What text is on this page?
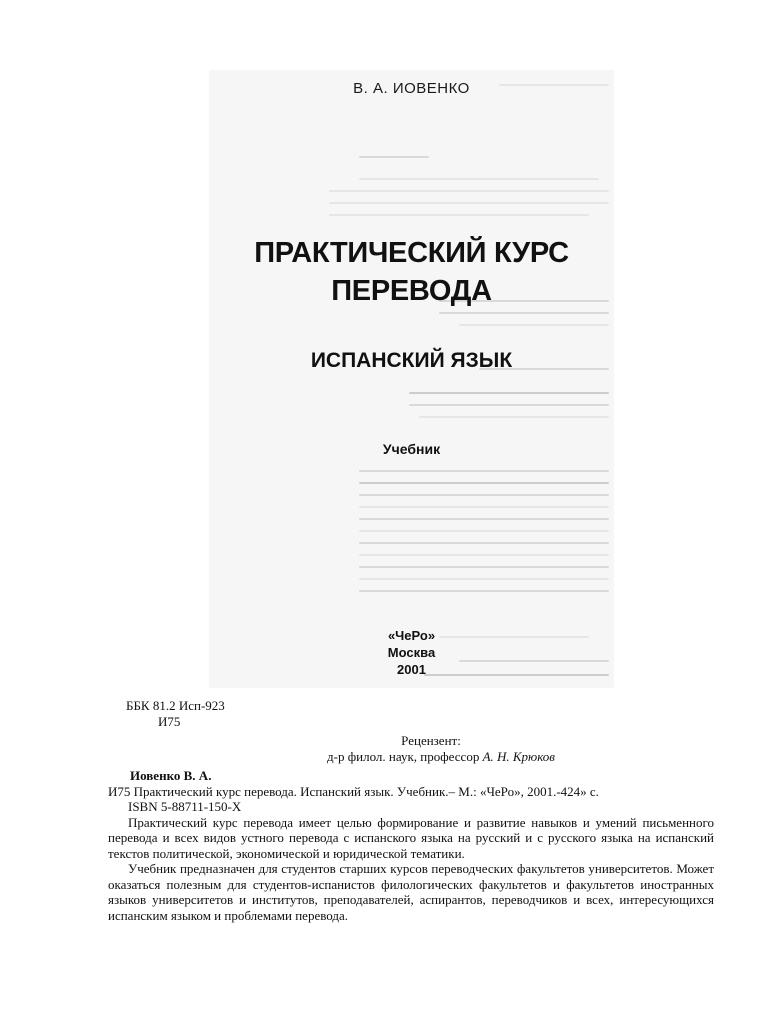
В. А. ИОВЕНКО
ПРАКТИЧЕСКИЙ КУРС
ПЕРЕВОДА
ИСПАНСКИЙ ЯЗЫК
Учебник
«ЧеРо»
Москва
2001
ББК 81.2 Исп-923
И75
Рецензент:
д-р филол. наук, профессор А. Н. Крюков
Иовенко В. А.
И75 Практический курс перевода. Испанский язык. Учебник.– М.: «ЧеРо», 2001.-424» с.
ISBN 5-88711-150-X
Практический курс перевода имеет целью формирование и развитие навыков и умений письменного перевода и всех видов устного перевода с испанского языка на русский и с русского языка на испанский текстов политической, экономической и юридической тематики.
Учебник предназначен для студентов старших курсов переводческих факультетов университетов. Может оказаться полезным для студентов-испанистов филологических факультетов и факультетов иностранных языков университетов и институтов, преподавателей, аспирантов, переводчиков и всех, интересующихся испанским языком и проблемами перевода.
